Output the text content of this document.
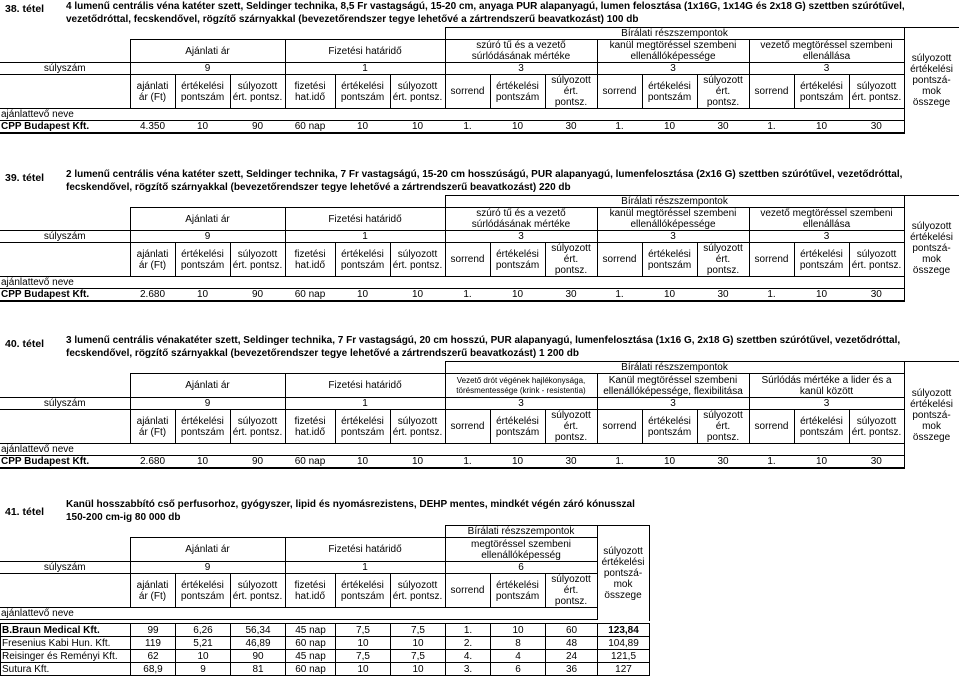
38. tétel 4 lumenű centrális véna katéter szett, Seldinger technika, 8,5 Fr vastagságú, 15-20 cm, anyaga PUR alapanyagú, lumen felosztása (1x16G, 1x14G és 2x18 G) szettben szúrótűvel, vezetődróttal, fecskendővel, rögzítő szárnyakkal (bevezetőrendszer tegye lehetővé a zártrendszerű beavatkozást) 100 db
							Bírálati részszempontok									súlyozott értékelési pontszá- mok összege	
	Ajánlati ár			Fizetési határidő			szúró tű és a vezető súrlódásának mértéke			kanül megtöréssel szembeni ellenállóképessége			vezető megtöréssel szembeni ellenállása				
súlyszám	9			1			3			3			3				
	ajánlati ár (Ft)	értékelési pontszám	súlyozott ért. pontsz.	fizetési hat.idő	értékelési pontszám	súlyozott ért. pontsz.	sorrend	értékelési pontszám	súlyozott ért. pontsz.	sorrend	értékelési pontszám	súlyozott ért. pontsz.	sorrend	értékelési pontszám	súlyozott ért. pontsz.		
ajánlattevő neve																	
CPP Budapest Kft.	4.350	10	90	60 nap	10	10	1.	10	30	1.	10	30	1.	10	30	
39. tétel 2 lumenű centrális véna katéter szett, Seldinger technika, 7 Fr vastagságú, 15-20 cm hosszúságú, PUR alapanyagú, lumenfelosztása (2x16 G) szettben szúrótűvel, vezetődróttal, fecskendővel, rögzítő szárnyakkal (bevezetőrendszer tegye lehetővé a zártrendszerű beavatkozást) 220 db
							Bírálati részszempontok									súlyozott értékelési pontszá- mok összege	
	Ajánlati ár			Fizetési határidő			szúró tű és a vezető súrlódásának mértéke			kanül megtöréssel szembeni ellenállóképessége			vezető megtöréssel szembeni ellenállása				
súlyszám	9			1			3			3			3				
	ajánlati ár (Ft)	értékelési pontszám	súlyozott ért. pontsz.	fizetési hat.idő	értékelési pontszám	súlyozott ért. pontsz.	sorrend	értékelési pontszám	súlyozott ért. pontsz.	sorrend	értékelési pontszám	súlyozott ért. pontsz.	sorrend	értékelési pontszám	súlyozott ért. pontsz.		
ajánlattevő neve																	
CPP Budapest Kft.	2.680	10	90	60 nap	10	10	1.	10	30	1.	10	30	1.	10	30	
40. tétel 3 lumenű centrális vénakatéter szett, Seldinger technika, 7 Fr vastagságú, 20 cm hosszú, PUR alapanyagú, lumenfelosztása (1x16 G, 2x18 G) szettben szúrótűvel, vezetődróttal, fecskendővel, rögzítő szárnyakkal (bevezetőrendszer tegye lehetővé a zártrendszerű beavatkozást) 1 200 db
							Bírálati részszempontok									súlyozott értékelési pontszá- mok összege	
	Ajánlati ár			Fizetési határidő			Vezető drót végének hajlékonysága, törésmentessége (krink - resistentia)			Kanül megtöréssel szembeni ellenállóképessége, flexibilitása			Súrlódás mértéke a lider és a kanül között				
súlyszám	9			1			3			3			3				
	ajánlati ár (Ft)	értékelési pontszám	súlyozott ért. pontsz.	fizetési hat.idő	értékelési pontszám	súlyozott ért. pontsz.	sorrend	értékelési pontszám	súlyozott ért. pontsz.	sorrend	értékelési pontszám	súlyozott ért. pontsz.	sorrend	értékelési pontszám	súlyozott ért. pontsz.		
ajánlattevő neve																	
CPP Budapest Kft.	2.680	10	90	60 nap	10	10	1.	10	30	1.	10	30	1.	10	30	
41. tétel
Kanül hosszabbító cső perfusorhoz, gyógyszer, lipid és nyomásrezistens, DEHP mentes, mindkét végén záró kónusszal 150-200 cm-ig 80 000 db
							Bírálati részszempontok			súlyozott értékelési pontszá- mok összege
	Ajánlati ár			Fizetési határidő			megtöréssel szembeni ellenállóképesség			
súlyszám	9			1			6			
	ajánlati ár (Ft)	értékelési pontszám	súlyozott ért. pontsz.	fizetési hat.idő	értékelési pontszám	súlyozott ért. pontsz.	sorrend	értékelési pontszám	súlyozott ért. pontsz.	
ajánlattevő neve										

B.Braun Medical Kft.	99	6,26	56,34	45 nap	7,5	7,5	1.	10	60	123,84
Fresenius Kabi Hun. Kft.	119	5,21	46,89	60 nap	10	10	2.	8	48	104,89
Reisinger és Reményi Kft.	62	10	90	45 nap	7,5	7,5	4.	4	24	121,5
Sutura Kft.	68,9	9	81	60 nap	10	10	3.	6	36	127
